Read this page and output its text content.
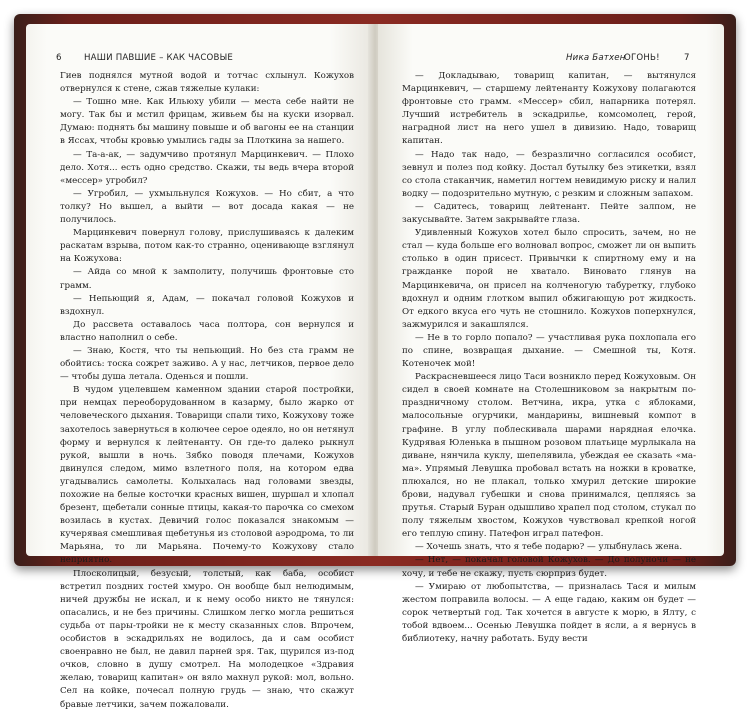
6	НАШИ ПАВШИЕ – КАК ЧАСОВЫЕ

Гиев поднялся мутной водой и тотчас схлынул. Кожухов отвернулся к стене, сжав тяжелые кулаки:

— Тошно мне. Как Ильюху убили — места себе найти не могу. Так бы и мстил фрицам, живьем бы на куски изорвал. Думаю: поднять бы машину повыше и об вагоны ее на станции в Яссах, чтобы кровью умылись гады за Плоткина за нашего.

— Та-а-ак, — задумчиво протянул Марцинкевич. — Плохо дело. Хотя... есть одно средство. Скажи, ты ведь вчера второй «мессер» угробил?

— Угробил, — ухмыльнулся Кожухов. — Но сбит, а что толку? Но вышел, а выйти — вот досада какая — не получилось.

Марцинкевич повернул голову, прислушиваясь к далеким раскатам взрыва, потом как-то странно, оценивающе взглянул на Кожухова:

— Айда со мной к замполиту, получишь фронтовые сто грамм.

— Непьющий я, Адам, — покачал головой Кожухов и вздохнул.

До рассвета оставалось часа полтора, сон вернулся и властно наполнил о себе.

— Знаю, Костя, что ты непьющий. Но без ста грамм не обойтись: тоска сожрет заживо. А у нас, летчиков, первое дело — чтобы душа летала. Оденься и пошли.

В чудом уцелевшем каменном здании старой постройки, при немцах переоборудованном в казарму, было жарко от человеческого дыхания. Товарищи спали тихо, Кожухову тоже захотелось завернуться в колючее серое одеяло, но он нетянул форму и вернулся к лейтенанту. Он где-то далеко рыкнул рукой, вышли в ночь. Зябко поводя плечами, Кожухов двинулся следом, мимо взлетного поля, на котором едва угадывались самолеты. Колыхалась над головами звезды, похожие на белые косточки красных вишен, шуршал и хлопал брезент, щебетали сонные птицы, какая-то парочка со смехом возилась в кустах. Девичий голос показался знакомым — кучерявая смешливая щебетунья из столовой аэродрома, то ли Марьяна, то ли Марьяна. Почему-то Кожухову стало неприятно.

Плосколицый, безусый, толстый, как баба, особист встретил поздних гостей хмуро. Он вообще был нелюдимым, ничей дружбы не искал, и к нему особо никто не тянулся: опасались, и не без причины. Слишком легко могла решиться судьба от пары-тройки не к месту сказанных слов. Впрочем, особистов в эскадрильях не водилось, да и сам особист своенравно не был, не давил парней зря. Так, щурился из-под очков, словно в душу смотрел. На молодецкое «Здравия желаю, товарищ капитан» он вяло махнул рукой: мол, вольно. Сел на койке, почесал полную грудь — знаю, что скажут бравые летчики, зачем пожаловали.

Ника Батхен
ОГОНЬ!	7

— Докладываю, товарищ капитан, — вытянулся Марцинкевич, — старшему лейтенанту Кожухову полагаются фронтовые сто грамм. «Мессер» сбил, напарника потерял. Лучший истребитель в эскадрилье, комсомолец, герой, наградной лист на него ушел в дивизию. Надо, товарищ капитан.

— Надо так надо, — безразлично согласился особист, зевнул и полез под койку. Достал бутылку без этикетки, взял со стола стаканчик, наметил ногтем невидимую риску и налил водку — подозрительно мутную, с резким и сложным запахом.

— Садитесь, товарищ лейтенант. Пейте залпом, не закусывайте. Затем закрывайте глаза.

Удивленный Кожухов хотел было спросить, зачем, но не стал — куда больше его волновал вопрос, сможет ли он выпить столько в один присест. Привычки к спиртному ему и на гражданке порой не хватало. Виновато глянув на Марцинкевича, он присел на колченогую табуретку, глубоко вдохнул и одним глотком выпил обжигающую рот жидкость. От едкого вкуса его чуть не стошнило. Кожухов поперхнулся, зажмурился и закашлялся.

— Не в то горло попало? — участливая рука похлопала его по спине, возвращая дыхание. — Смешной ты, Котя. Котеночек мой!

Раскрасневшееся лицо Таси возникло перед Кожуховым. Он сидел в своей комнате на Столешниковом за накрытым по-праздничному столом. Ветчина, икра, утка с яблоками, малосольные огурчики, мандарины, вишневый компот в графине. В углу поблескивала шарами нарядная елочка. Кудрявая Юленька в пышном розовом платьице мурлыкала на диване, нянчила куклу, шепелявила, убеждая ее сказать «ма-ма». Упрямый Левушка пробовал встать на ножки в кроватке, плюхался, но не плакал, только хмурил детские широкие брови, надувал губешки и снова принимался, цепляясь за прутья. Старый Буран одышливо храпел под столом, стукал по полу тяжелым хвостом, Кожухов чувствовал крепкой ногой его теплую спину. Патефон играл патефон.

— Хочешь знать, что я тебе подарю? — улыбнулась жена.

— Нет, — покачал головой Кожухов. — До полуночи — не хочу, и тебе не скажу, пусть сюрприз будет.

— Умираю от любопытства, — призналась Тася и милым жестом поправила волосы. — А еще гадаю, каким он будет — сорок четвертый год. Так хочется в августе к морю, в Ялту, с тобой вдвоем... Осенью Левушка пойдет в ясли, а я вернусь в библиотеку, начну работать. Буду вести
